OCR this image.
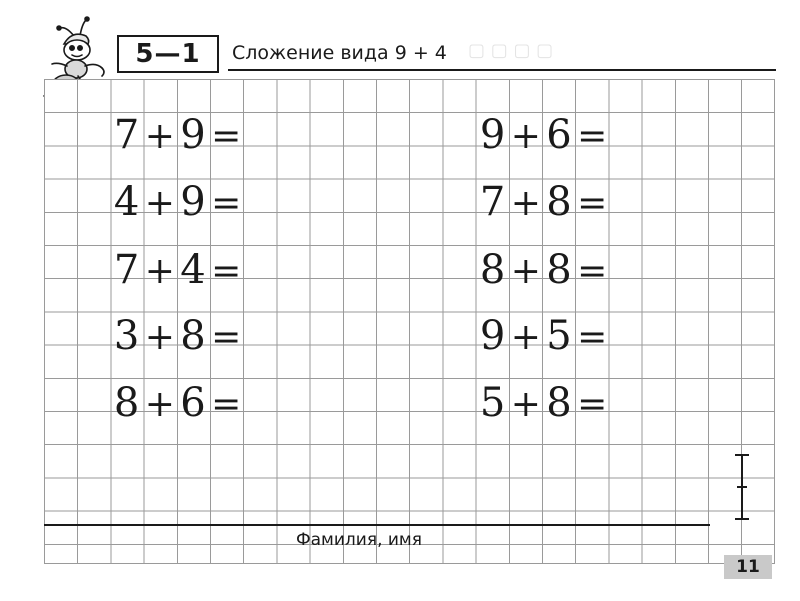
▢ ▢ ▢ ▢
5—1	Сложение вида 9 + 4
7 + 9 =
4 + 9 =
7 + 4 =
3 + 8 =
8 + 6 =
9 + 6 =
7 + 8 =
8 + 8 =
9 + 5 =
5 + 8 =
Фамилия, имя
11
